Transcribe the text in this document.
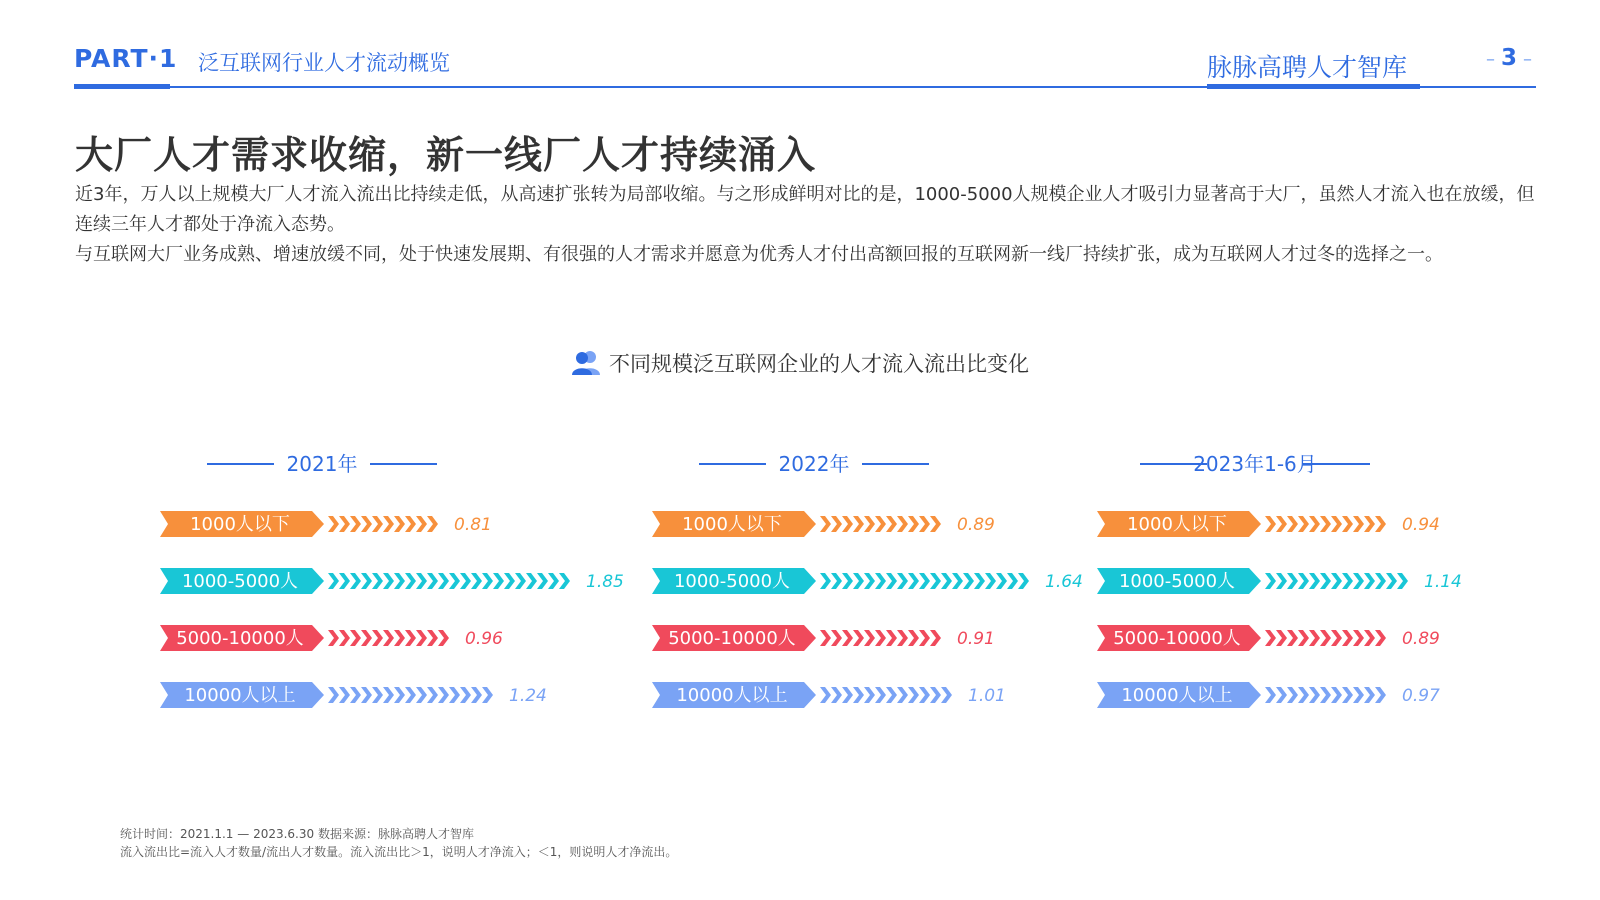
PART·1 泛互联网行业人才流动概览	脉脉高聘人才智库	– 3 –
大厂人才需求收缩，新一线厂人才持续涌入
近3年，万人以上规模大厂人才流入流出比持续走低，从高速扩张转为局部收缩。与之形成鲜明对比的是，1000-5000人规模企业人才吸引力显著高于大厂，虽然人才流入也在放缓，但连续三年人才都处于净流入态势。
与互联网大厂业务成熟、增速放缓不同，处于快速发展期、有很强的人才需求并愿意为优秀人才付出高额回报的互联网新一线厂持续扩张，成为互联网人才过冬的选择之一。
不同规模泛互联网企业的人才流入流出比变化
2021年
1000人以下	0.81
1000-5000人	1.85
5000-10000人	0.96
10000人以上	1.24
2022年
1000人以下	0.89
1000-5000人	1.64
5000-10000人	0.91
10000人以上	1.01
2023年1-6月
1000人以下	0.94
1000-5000人	1.14
5000-10000人	0.89
10000人以上	0.97
统计时间：2021.1.1 — 2023.6.30 数据来源：脉脉高聘人才智库
流入流出比=流入人才数量/流出人才数量。流入流出比＞1，说明人才净流入；＜1，则说明人才净流出。
